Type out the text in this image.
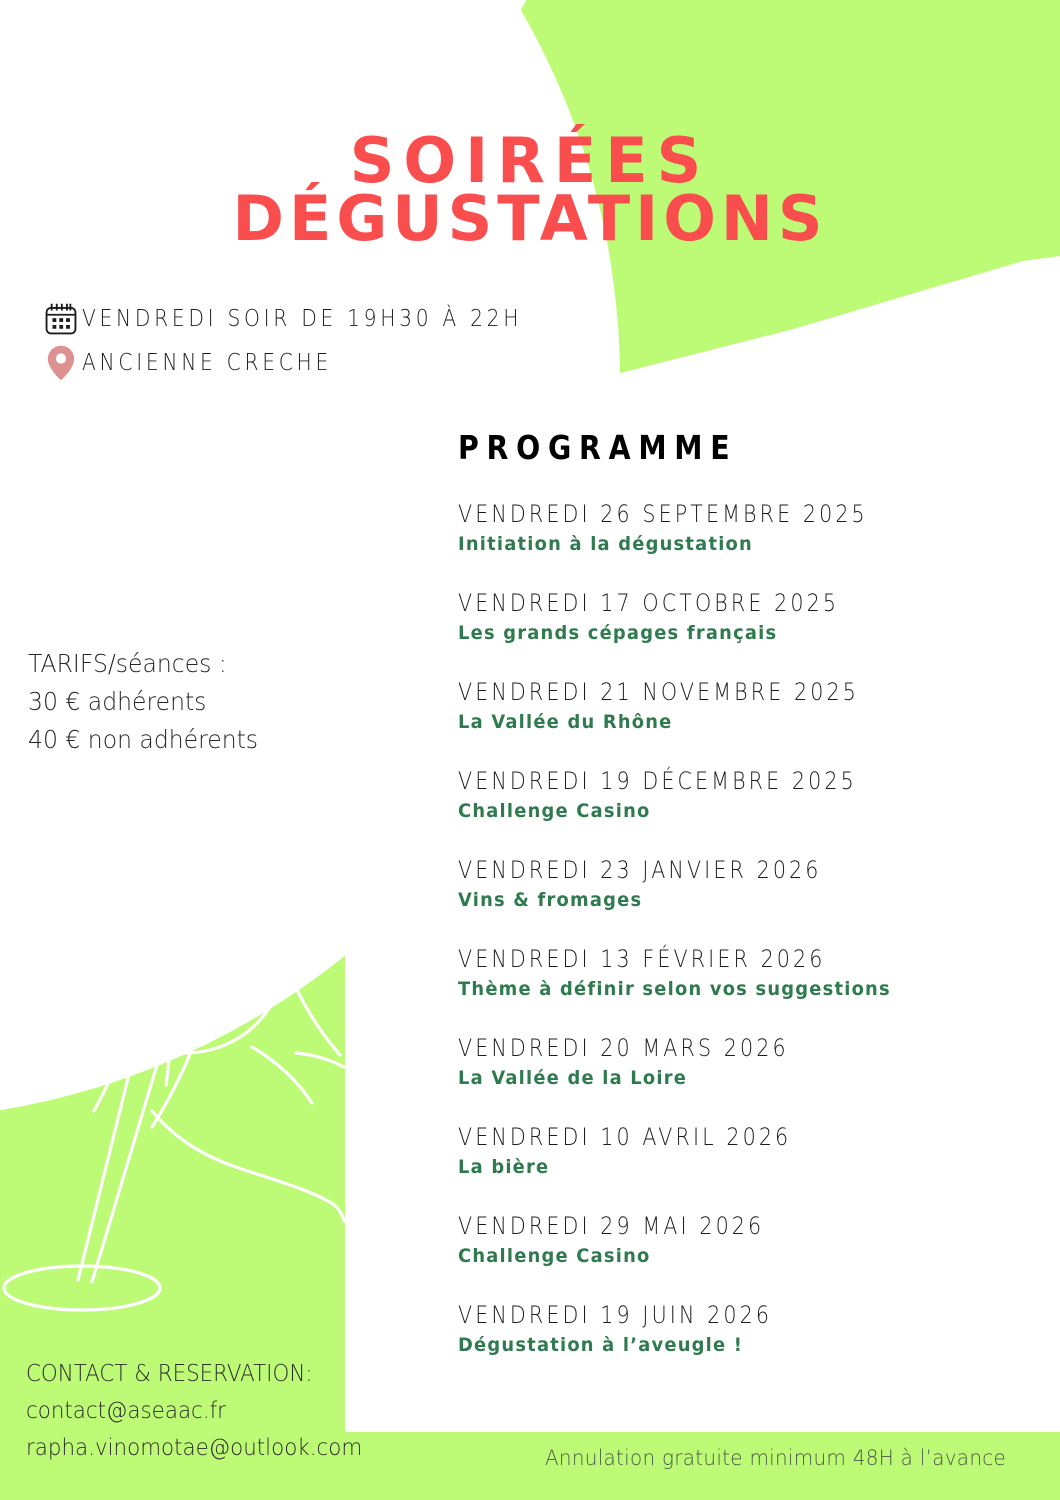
SOIRÉES
DÉGUSTATIONS
VENDREDI SOIR DE 19H30 À 22H
ANCIENNE CRECHE
TARIFS/séances :
30 € adhérents
40 € non adhérents
PROGRAMME
VENDREDI 26 SEPTEMBRE 2025
Initiation à la dégustation
VENDREDI 17 OCTOBRE 2025
Les grands cépages français
VENDREDI 21 NOVEMBRE 2025
La Vallée du Rhône
VENDREDI 19 DÉCEMBRE 2025
Challenge Casino
VENDREDI 23 JANVIER 2026
Vins & fromages
VENDREDI 13 FÉVRIER 2026
Thème à définir selon vos suggestions
VENDREDI 20 MARS 2026
La Vallée de la Loire
VENDREDI 10 AVRIL 2026
La bière
VENDREDI 29 MAI 2026
Challenge Casino
VENDREDI 19 JUIN 2026
Dégustation à l’aveugle !
CONTACT & RESERVATION:
contact@aseaac.fr
rapha.vinomotae@outlook.com	Annulation gratuite minimum 48H à l’avance
